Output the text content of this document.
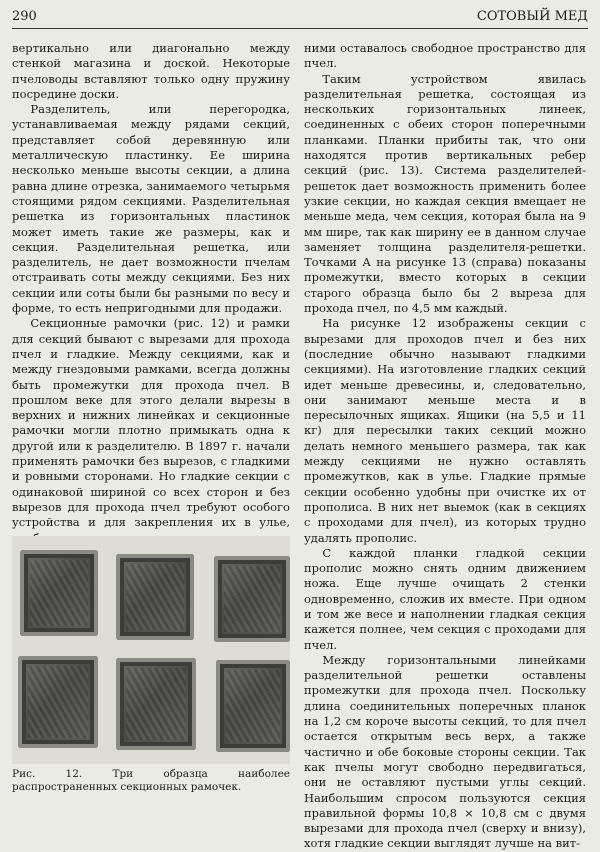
290	СОТОВЫЙ МЕД

вертикально или диагонально между стенкой магазина и доской. Некоторые пчеловоды вставляют только одну пружину посредине доски.

Разделитель, или перегородка, устанавливаемая между рядами секций, представляет собой деревянную или металлическую пластинку. Ее ширина несколько меньше высоты секции, а длина равна длине отрезка, занимаемого четырьмя стоящими рядом секциями. Разделительная решетка из горизонтальных пластинок может иметь такие же размеры, как и секция. Разделительная решетка, или разделитель, не дает возможности пчелам отстраивать соты между секциями. Без них секции или соты были бы разными по весу и форме, то есть непригодными для продажи.

Секционные рамочки (рис. 12) и рамки для секций бывают с вырезами для прохода пчел и гладкие. Между секциями, как и между гнездовыми рамками, всегда должны быть промежутки для прохода пчел. В прошлом веке для этого делали вырезы в верхних и нижних линейках и секционные рамочки могли плотно примыкать одна к другой или к разделителю. В 1897 г. начали применять рамочки без вырезов, с гладкими и ровными сторонами. Но гладкие секции с одинаковой шириной со всех сторон и без вырезов для прохода пчел требуют особого устройства и для закрепления их в улье,

Рис. 12. Три образца наиболее распространенных секционных рамочек.

ними оставалось свободное пространство для пчел.

Таким устройством явилась разделительная решетка, состоящая из нескольких горизонтальных линеек, соединенных с обеих сторон поперечными планками. Планки прибиты так, что они находятся против вертикальных ребер секций (рис. 13). Система разделителей-решеток дает возможность применить более узкие секции, но каждая секция вмещает не меньше меда, чем секция, которая была на 9 мм шире, так как ширину ее в данном случае заменяет толщина разделителя-решетки. Точками А на рисунке 13 (справа) показаны промежутки, вместо которых в секции старого образца было бы 2 выреза для прохода пчел, по 4,5 мм каждый.

На рисунке 12 изображены секции с вырезами для проходов пчел и без них (последние обычно называют гладкими секциями). На изготовление гладких секций идет меньше древесины, и, следовательно, они занимают меньше места и в пересылочных ящиках. Ящики (на 5,5 и 11 кг) для пересылки таких секций можно делать немного меньшего размера, так как между секциями не нужно оставлять промежутков, как в улье. Гладкие прямые секции особенно удобны при очистке их от прополиса. В них нет выемок (как в секциях с проходами для пчел), из которых трудно удалять прополис.

С каждой планки гладкой секции прополис можно снять одним движением ножа. Еще лучше очищать 2 стенки одновременно, сложив их вместе. При одном и том же весе и наполнении гладкая секция кажется полнее, чем секция с проходами для пчел.

Между горизонтальными линейками разделительной решетки оставлены промежутки для прохода пчел. Поскольку длина соединительных поперечных планок на 1,2 см короче высоты секций, то для пчел остается открытым весь верх, а также частично и обе боковые стороны секции. Так как пчелы могут свободно передвигаться, они не оставляют пустыми углы секций. Наибольшим спросом пользуются секция правильной формы 10,8 × 10,8 см с двумя вырезами для прохода пчел (сверху и внизу), хотя гладкие секции выглядят лучше на вит-
